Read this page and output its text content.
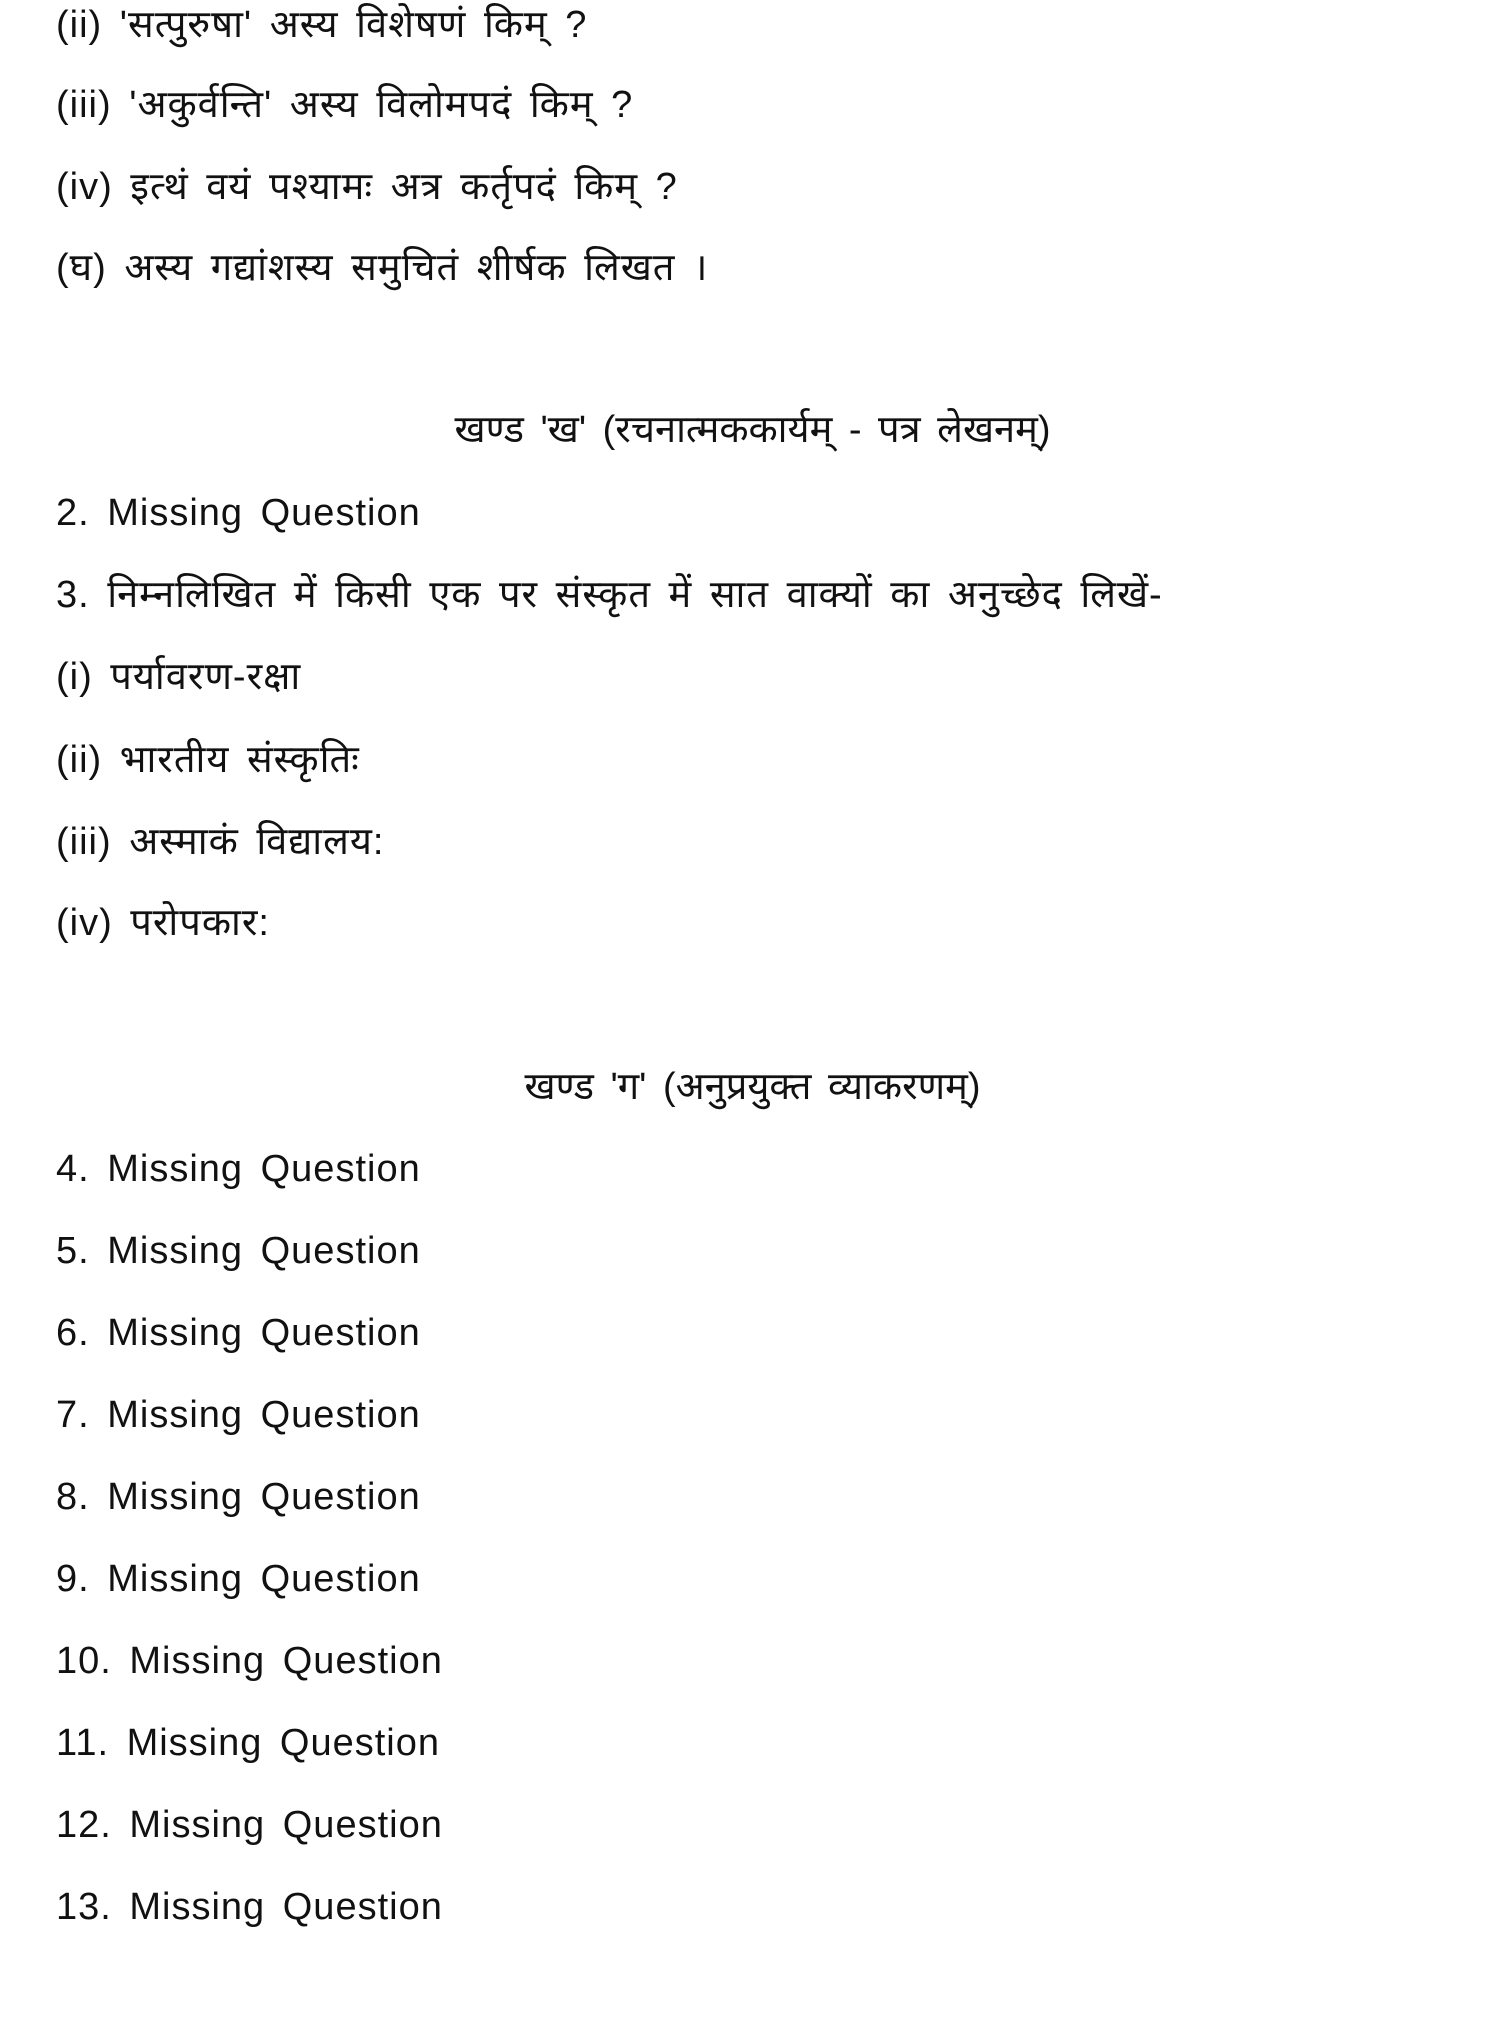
(ii) 'सत्पुरुषा' अस्य विशेषणं किम् ?
(iii) 'अकुर्वन्ति' अस्य विलोमपदं किम् ?
(iv) इत्थं वयं पश्यामः अत्र कर्तृपदं किम् ?
(घ) अस्य गद्यांशस्य समुचितं शीर्षक लिखत ।
खण्ड 'ख' (रचनात्मककार्यम् - पत्र लेखनम्)
2. Missing Question
3. निम्नलिखित में किसी एक पर संस्कृत में सात वाक्यों का अनुच्छेद लिखें-
(i) पर्यावरण-रक्षा
(ii) भारतीय संस्कृतिः
(iii) अस्माकं विद्यालय:
(iv) परोपकार:
खण्ड 'ग' (अनुप्रयुक्त व्याकरणम्)
4. Missing Question
5. Missing Question
6. Missing Question
7. Missing Question
8. Missing Question
9. Missing Question
10. Missing Question
11. Missing Question
12. Missing Question
13. Missing Question
